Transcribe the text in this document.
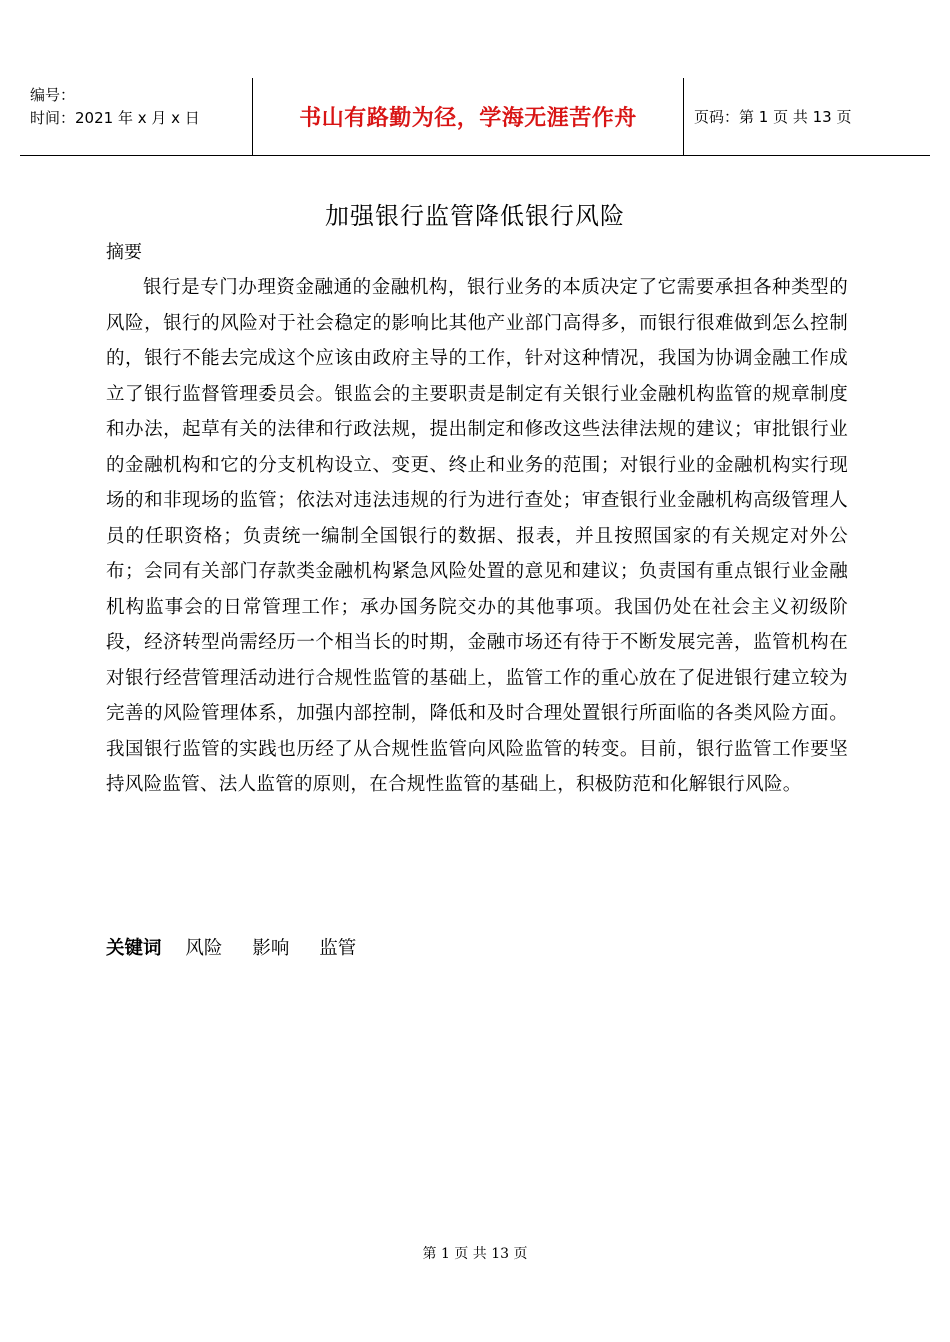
编号：
时间：2021 年 x 月 x 日	书山有路勤为径，学海无涯苦作舟	页码：第 1 页 共 13 页
加强银行监管降低银行风险
摘要

银行是专门办理资金融通的金融机构，银行业务的本质决定了它需要承担各种类型的风险，银行的风险对于社会稳定的影响比其他产业部门高得多，而银行很难做到怎么控制的，银行不能去完成这个应该由政府主导的工作，针对这种情况，我国为协调金融工作成立了银行监督管理委员会。银监会的主要职责是制定有关银行业金融机构监管的规章制度和办法，起草有关的法律和行政法规，提出制定和修改这些法律法规的建议；审批银行业的金融机构和它的分支机构设立、变更、终止和业务的范围；对银行业的金融机构实行现场的和非现场的监管；依法对违法违规的行为进行查处；审查银行业金融机构高级管理人员的任职资格；负责统一编制全国银行的数据、报表，并且按照国家的有关规定对外公布；会同有关部门存款类金融机构紧急风险处置的意见和建议；负责国有重点银行业金融机构监事会的日常管理工作；承办国务院交办的其他事项。我国仍处在社会主义初级阶段，经济转型尚需经历一个相当长的时期，金融市场还有待于不断发展完善，监管机构在对银行经营管理活动进行合规性监管的基础上，监管工作的重心放在了促进银行建立较为完善的风险管理体系，加强内部控制，降低和及时合理处置银行所面临的各类风险方面。我国银行监管的实践也历经了从合规性监管向风险监管的转变。目前，银行监管工作要坚持风险监管、法人监管的原则，在合规性监管的基础上，积极防范和化解银行风险。

关键词 风险 影响 监管
第 1 页 共 13 页
